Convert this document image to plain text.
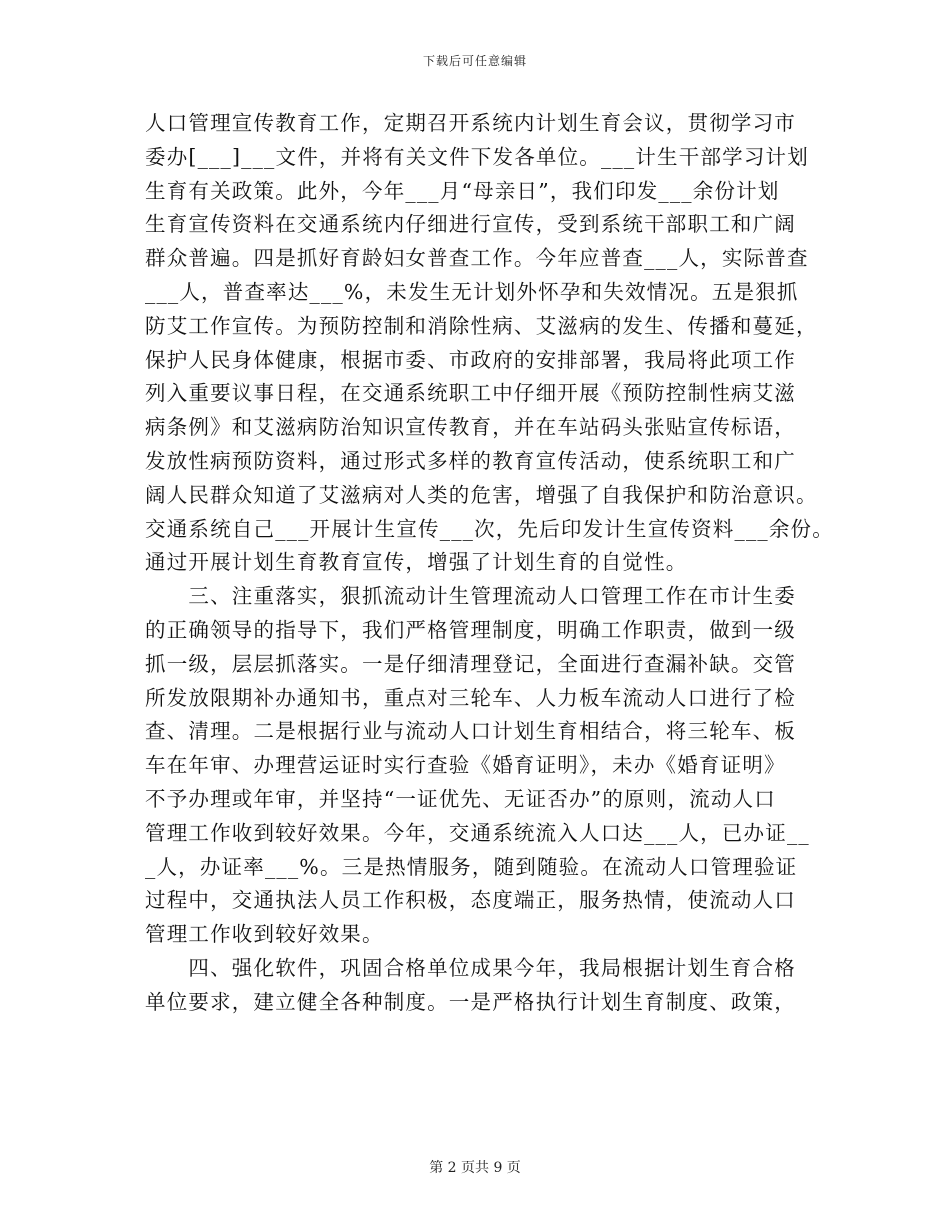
下载后可任意编辑
人口管理宣传教育工作，定期召开系统内计划生育会议，贯彻学习市
委办[___]___文件，并将有关文件下发各单位。___计生干部学习计划
生育有关政策。此外，今年___月“母亲日”，我们印发___余份计划
生育宣传资料在交通系统内仔细进行宣传，受到系统干部职工和广阔
群众普遍。四是抓好育龄妇女普查工作。今年应普查___人，实际普查
___人，普查率达___%，未发生无计划外怀孕和失效情况。五是狠抓
防艾工作宣传。为预防控制和消除性病、艾滋病的发生、传播和蔓延，
保护人民身体健康，根据市委、市政府的安排部署，我局将此项工作
列入重要议事日程，在交通系统职工中仔细开展《预防控制性病艾滋
病条例》和艾滋病防治知识宣传教育，并在车站码头张贴宣传标语，
发放性病预防资料，通过形式多样的教育宣传活动，使系统职工和广
阔人民群众知道了艾滋病对人类的危害，增强了自我保护和防治意识。
交通系统自己___开展计生宣传___次，先后印发计生宣传资料___余份。
通过开展计划生育教育宣传，增强了计划生育的自觉性。
　　三、注重落实，狠抓流动计生管理流动人口管理工作在市计生委
的正确领导的指导下，我们严格管理制度，明确工作职责，做到一级
抓一级，层层抓落实。一是仔细清理登记，全面进行查漏补缺。交管
所发放限期补办通知书，重点对三轮车、人力板车流动人口进行了检
查、清理。二是根据行业与流动人口计划生育相结合，将三轮车、板
车在年审、办理营运证时实行查验《婚育证明》，未办《婚育证明》
不予办理或年审，并坚持“一证优先、无证否办”的原则，流动人口
管理工作收到较好效果。今年，交通系统流入人口达___人，已办证__
_人，办证率___%。三是热情服务，随到随验。在流动人口管理验证
过程中，交通执法人员工作积极，态度端正，服务热情，使流动人口
管理工作收到较好效果。
　　四、强化软件，巩固合格单位成果今年，我局根据计划生育合格
单位要求，建立健全各种制度。一是严格执行计划生育制度、政策，
第 2 页共 9 页
